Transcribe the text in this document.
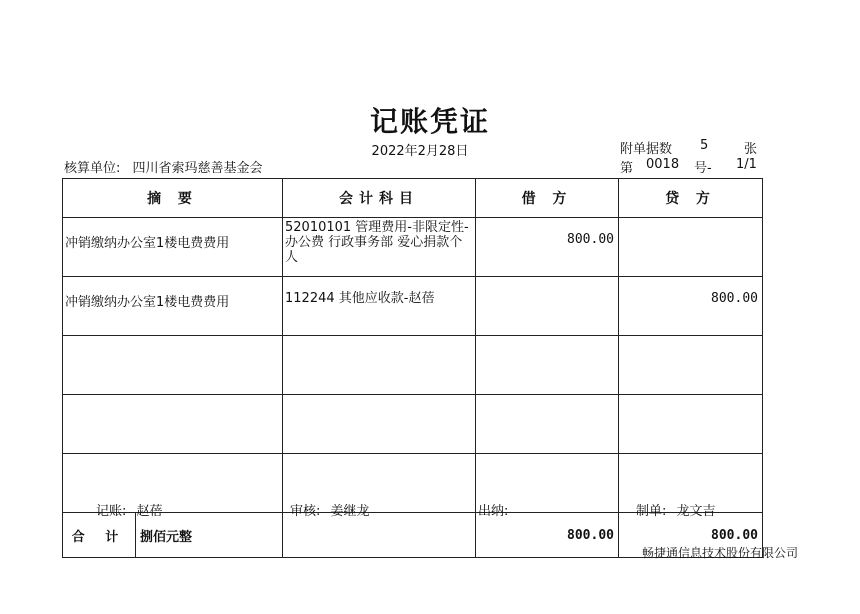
记账凭证
2022年2月28日	附单据数 5	张
核算单位: 四川省索玛慈善基金会	第 0018 号- 1/1
摘 要	会计科目	借 方	贷 方
冲销缴纳办公室1楼电费费用	52010101 管理费用-非限定性-办公费 行政事务部 爱心捐款个人	800.00	
冲销缴纳办公室1楼电费费用	112244 其他应收款-赵蓓		800.00

合 计 捌佰元整		800.00	800.00
记账: 赵蓓	审核: 姜继龙	出纳:	制单: 龙文吉
畅捷通信息技术股份有限公司
